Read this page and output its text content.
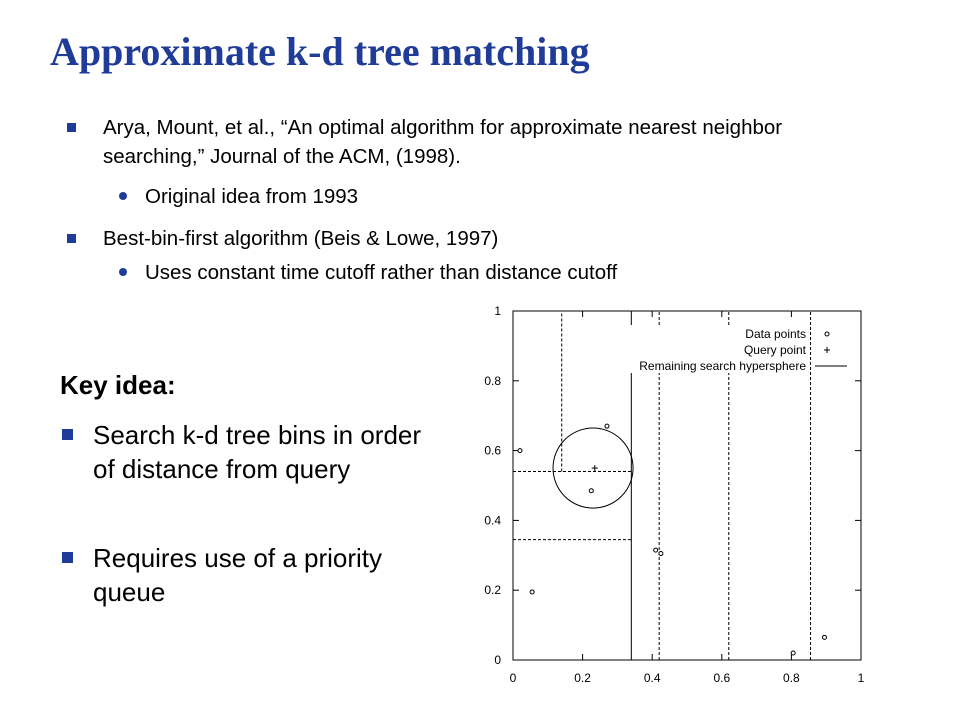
Approximate k-d tree matching
Arya, Mount, et al., “An optimal algorithm for approximate nearest neighbor searching,” Journal of the ACM, (1998).
Original idea from 1993
Best-bin-first algorithm (Beis & Lowe, 1997)
Uses constant time cutoff rather than distance cutoff
Key idea:
Search k-d tree bins in order of distance from query
Requires use of a priority queue
0	0.2	0.4	0.6	0.8	1
0
0.2
0.4
0.6
0.8
1
Data points
Query point
Remaining search hypersphere
